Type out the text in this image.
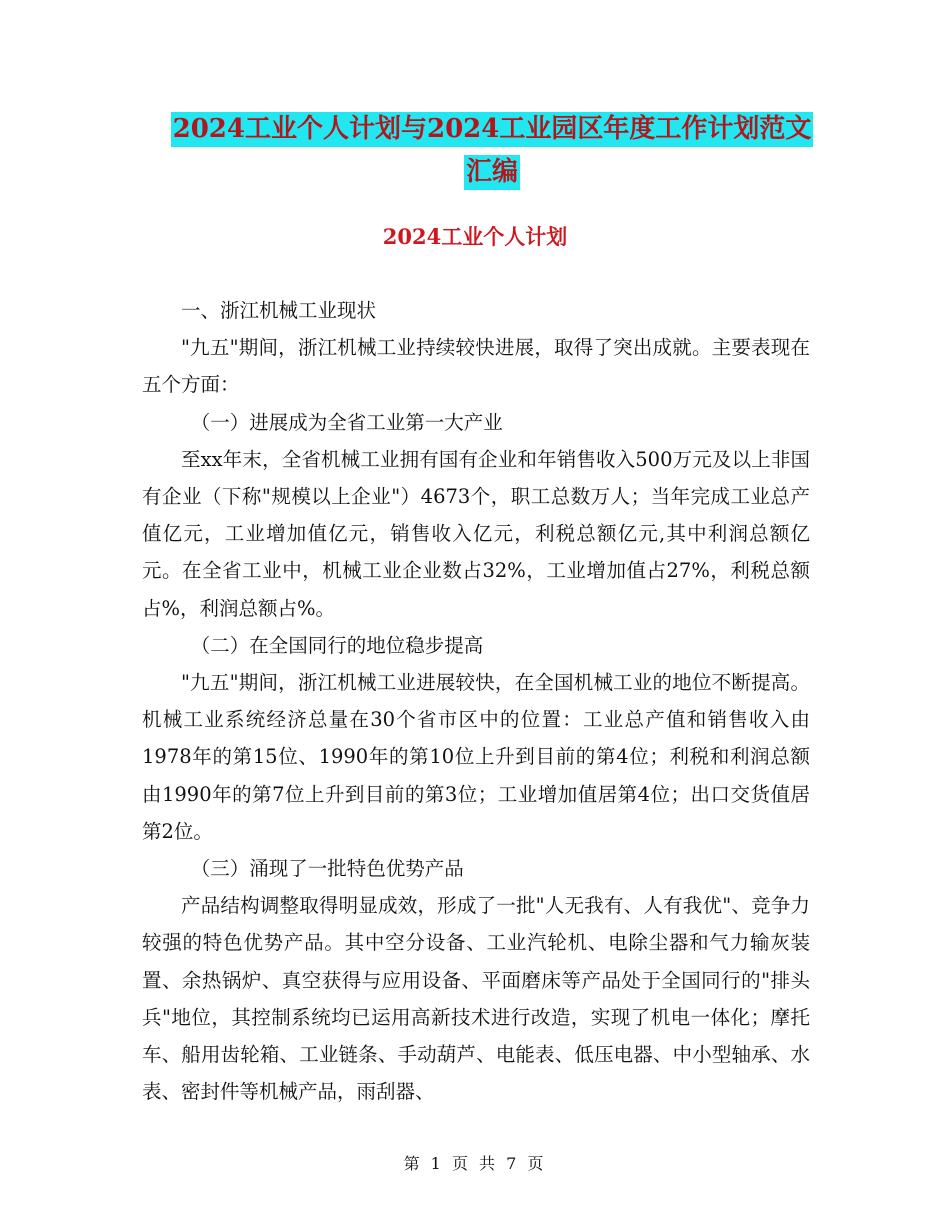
2024工业个人计划与2024工业园区年度工作计划范文
汇编
2024工业个人计划

一、浙江机械工业现状

"九五"期间，浙江机械工业持续较快进展，取得了突出成就。主要表现在五个方面：

（一）进展成为全省工业第一大产业

至xx年末，全省机械工业拥有国有企业和年销售收入500万元及以上非国有企业（下称"规模以上企业"）4673个，职工总数万人；当年完成工业总产值亿元，工业增加值亿元，销售收入亿元，利税总额亿元,其中利润总额亿元。在全省工业中，机械工业企业数占32%，工业增加值占27%，利税总额占%，利润总额占%。

（二）在全国同行的地位稳步提高

"九五"期间，浙江机械工业进展较快，在全国机械工业的地位不断提高。机械工业系统经济总量在30个省市区中的位置：工业总产值和销售收入由1978年的第15位、1990年的第10位上升到目前的第4位；利税和利润总额由1990年的第7位上升到目前的第3位；工业增加值居第4位；出口交货值居第2位。

（三）涌现了一批特色优势产品

产品结构调整取得明显成效，形成了一批"人无我有、人有我优"、竞争力较强的特色优势产品。其中空分设备、工业汽轮机、电除尘器和气力输灰装置、余热锅炉、真空获得与应用设备、平面磨床等产品处于全国同行的"排头兵"地位，其控制系统均已运用高新技术进行改造，实现了机电一体化；摩托车、船用齿轮箱、工业链条、手动葫芦、电能表、低压电器、中小型轴承、水表、密封件等机械产品，雨刮器、

第 1 页 共 7 页
